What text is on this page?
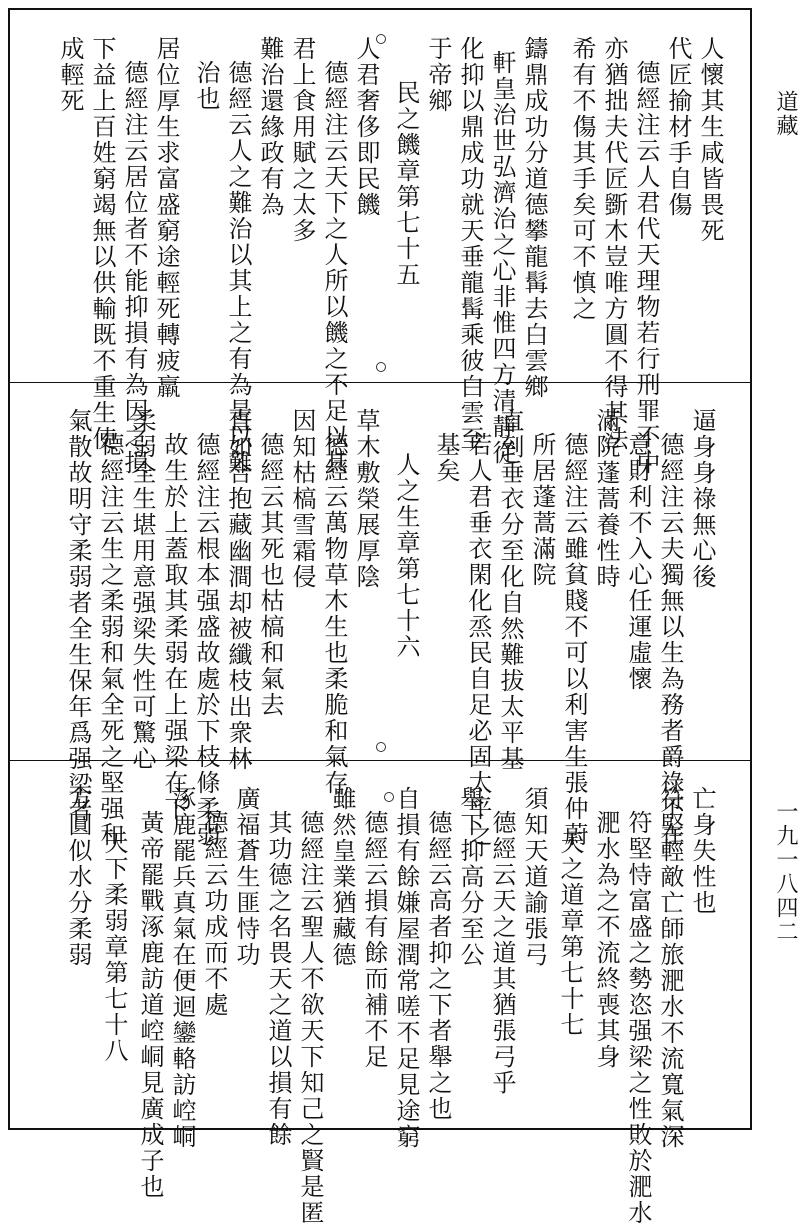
道藏
一九一八四二
人懷其生咸皆畏死
代匠揄材手自傷
德經注云人君代天理物若行刑罪不中
亦猶拙夫代匠斵木豈唯方圓不得其法
希有不傷其手矣可不慎之
鑄鼎成功分道德攀龍髯去白雲鄉
軒皇治世弘濟治之心非惟四方清靜從
化抑以鼎成功就天垂龍髯乘彼白雲至
于帝鄉
民之饑章第七十五
人君奢侈即民饑
德經注云天下之人所以饑之不足以其
君上食用賦之太多
難治還緣政有為
德經云人之難治以其上之有為是以難
治也
居位厚生求富盛窮途輕死轉疲羸
德經注云居位者不能抑損有為因之損
下益上百姓窮竭無以供輸既不重生使
成輕死
逼身身祿無心後
德經注云夫獨無以生為務者爵祿不在
意財利不入心任運虛懷
滿院蓬蒿養性時
德經注云雖貧賤不可以利害生張仲蔚
所居蓬蒿滿院
直到垂衣分至化自然難拔太平基
若人君垂衣閑化烝民自足必固太平之
基矣
人之生章第七十六
草木敷榮展厚陰
德經云萬物草木生也柔脆和氣存
因知枯槁雪霜侵
德經云其死也枯槁和氣去
直如合抱藏幽澗却被纖枝出衆林
德經注云根本强盛故處於下枝條柔弱
故生於上蓋取其柔弱在上强梁在下
柔弱全生堪用意强梁失性可驚心
德經注云生之柔弱和氣全死之堅强和
氣散故明守柔弱者全生保年爲强梁者
亡身失性也
符堅輕敵亡師旅淝水不流寬氣深
符堅恃富盛之勢恣强梁之性敗於淝水
淝水為之不流終喪其身
天之道章第七十七
須知天道諭張弓
德經云天之道其猶張弓乎
舉下抑高分至公
德經云高者抑之下者舉之也
自損有餘嫌屋潤常嗟不足見途窮
德經云損有餘而補不足
雖然皇業猶藏德
德經注云聖人不欲天下知己之賢是匿
其功德之名畏天之道以損有餘
廣福蒼生匪恃功
德經云功成而不處
涿鹿罷兵真氣在便迴鑾輅訪崆峒
黃帝罷戰涿鹿訪道崆峒見廣成子也
天下柔弱章第七十八
方圓似水分柔弱
